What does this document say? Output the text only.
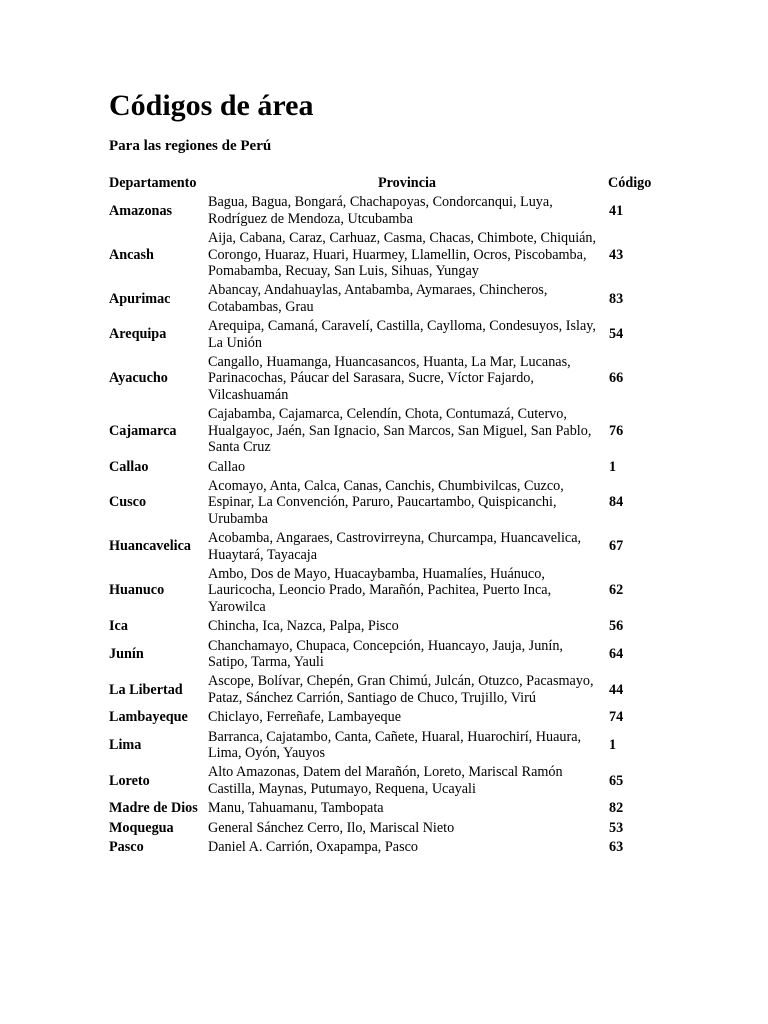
Códigos de área
Para las regiones de Perú
Departamento	Provincia	Código
Amazonas	Bagua, Bagua, Bongará, Chachapoyas, Condorcanqui, Luya, Rodríguez de Mendoza, Utcubamba	41
Ancash	Aija, Cabana, Caraz, Carhuaz, Casma, Chacas, Chimbote, Chiquián, Corongo, Huaraz, Huari, Huarmey, Llamellin, Ocros, Piscobamba, Pomabamba, Recuay, San Luis, Sihuas, Yungay	43
Apurimac	Abancay, Andahuaylas, Antabamba, Aymaraes, Chincheros, Cotabambas, Grau	83
Arequipa	Arequipa, Camaná, Caravelí, Castilla, Caylloma, Condesuyos, Islay, La Unión	54
Ayacucho	Cangallo, Huamanga, Huancasancos, Huanta, La Mar, Lucanas, Parinacochas, Páucar del Sarasara, Sucre, Víctor Fajardo, Vilcashuamán	66
Cajamarca	Cajabamba, Cajamarca, Celendín, Chota, Contumazá, Cutervo, Hualgayoc, Jaén, San Ignacio, San Marcos, San Miguel, San Pablo, Santa Cruz	76
Callao	Callao	1
Cusco	Acomayo, Anta, Calca, Canas, Canchis, Chumbivilcas, Cuzco, Espinar, La Convención, Paruro, Paucartambo, Quispicanchi, Urubamba	84
Huancavelica	Acobamba, Angaraes, Castrovirreyna, Churcampa, Huancavelica, Huaytará, Tayacaja	67
Huanuco	Ambo, Dos de Mayo, Huacaybamba, Huamalíes, Huánuco, Lauricocha, Leoncio Prado, Marañón, Pachitea, Puerto Inca, Yarowilca	62
Ica	Chincha, Ica, Nazca, Palpa, Pisco	56
Junín	Chanchamayo, Chupaca, Concepción, Huancayo, Jauja, Junín, Satipo, Tarma, Yauli	64
La Libertad	Ascope, Bolívar, Chepén, Gran Chimú, Julcán, Otuzco, Pacasmayo, Pataz, Sánchez Carrión, Santiago de Chuco, Trujillo, Virú	44
Lambayeque	Chiclayo, Ferreñafe, Lambayeque	74
Lima	Barranca, Cajatambo, Canta, Cañete, Huaral, Huarochirí, Huaura, Lima, Oyón, Yauyos	1
Loreto	Alto Amazonas, Datem del Marañón, Loreto, Mariscal Ramón Castilla, Maynas, Putumayo, Requena, Ucayali	65
Madre de Dios	Manu, Tahuamanu, Tambopata	82
Moquegua	General Sánchez Cerro, Ilo, Mariscal Nieto	53
Pasco	Daniel A. Carrión, Oxapampa, Pasco	63
